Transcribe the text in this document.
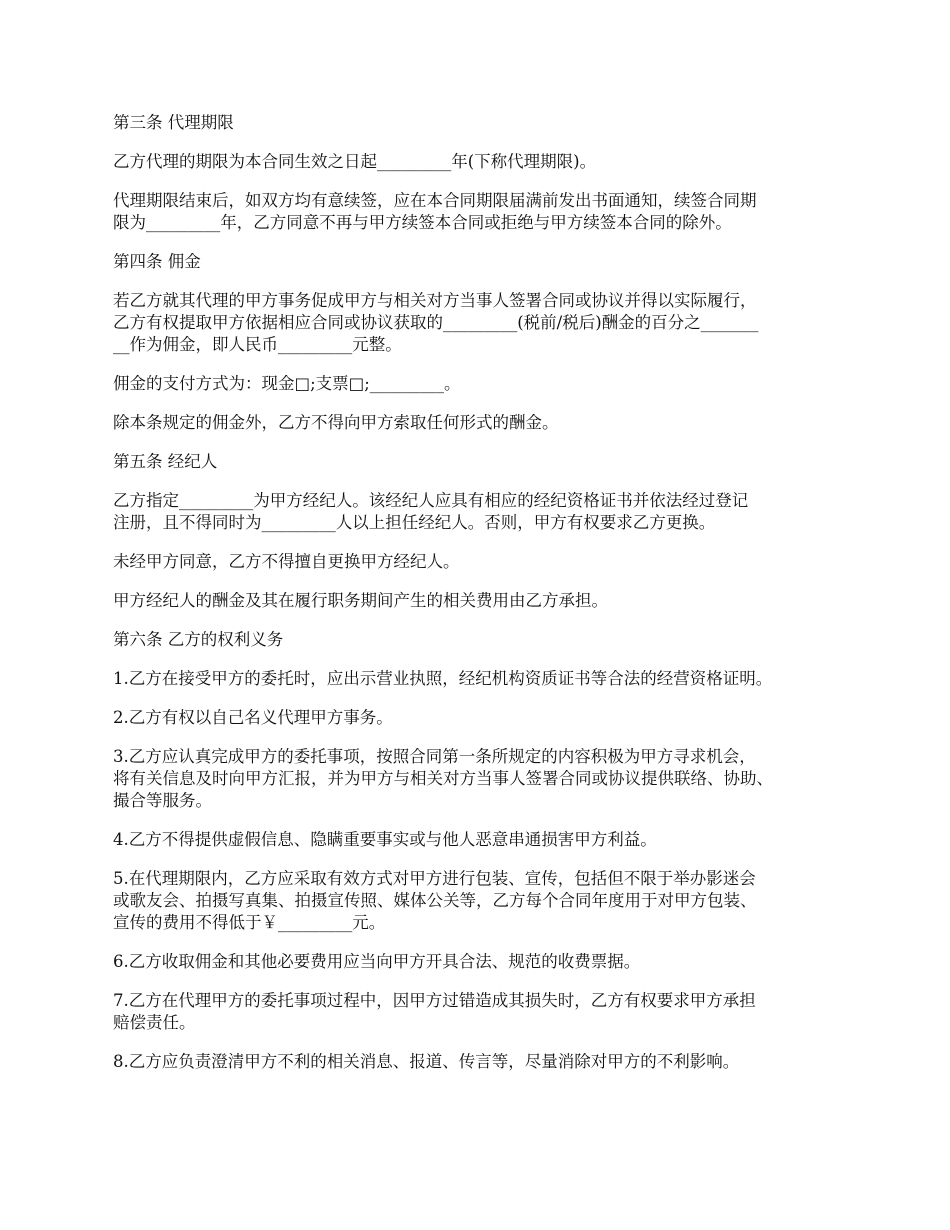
第三条 代理期限

乙方代理的期限为本合同生效之日起_________年(下称代理期限)。

代理期限结束后，如双方均有意续签，应在本合同期限届满前发出书面通知，续签合同期
限为_________年，乙方同意不再与甲方续签本合同或拒绝与甲方续签本合同的除外。

第四条 佣金

若乙方就其代理的甲方事务促成甲方与相关对方当事人签署合同或协议并得以实际履行，
乙方有权提取甲方依据相应合同或协议获取的_________(税前/税后)酬金的百分之_______
__作为佣金，即人民币_________元整。

佣金的支付方式为：现金□;支票□;_________。

除本条规定的佣金外，乙方不得向甲方索取任何形式的酬金。

第五条 经纪人

乙方指定_________为甲方经纪人。该经纪人应具有相应的经纪资格证书并依法经过登记
注册，且不得同时为_________人以上担任经纪人。否则，甲方有权要求乙方更换。

未经甲方同意，乙方不得擅自更换甲方经纪人。

甲方经纪人的酬金及其在履行职务期间产生的相关费用由乙方承担。

第六条 乙方的权利义务

1.乙方在接受甲方的委托时，应出示营业执照，经纪机构资质证书等合法的经营资格证明。

2.乙方有权以自己名义代理甲方事务。

3.乙方应认真完成甲方的委托事项，按照合同第一条所规定的内容积极为甲方寻求机会，
将有关信息及时向甲方汇报，并为甲方与相关对方当事人签署合同或协议提供联络、协助、
撮合等服务。

4.乙方不得提供虚假信息、隐瞒重要事实或与他人恶意串通损害甲方利益。

5.在代理期限内，乙方应采取有效方式对甲方进行包装、宣传，包括但不限于举办影迷会
或歌友会、拍摄写真集、拍摄宣传照、媒体公关等，乙方每个合同年度用于对甲方包装、
宣传的费用不得低于￥_________元。

6.乙方收取佣金和其他必要费用应当向甲方开具合法、规范的收费票据。

7.乙方在代理甲方的委托事项过程中，因甲方过错造成其损失时，乙方有权要求甲方承担
赔偿责任。

8.乙方应负责澄清甲方不利的相关消息、报道、传言等，尽量消除对甲方的不利影响。
